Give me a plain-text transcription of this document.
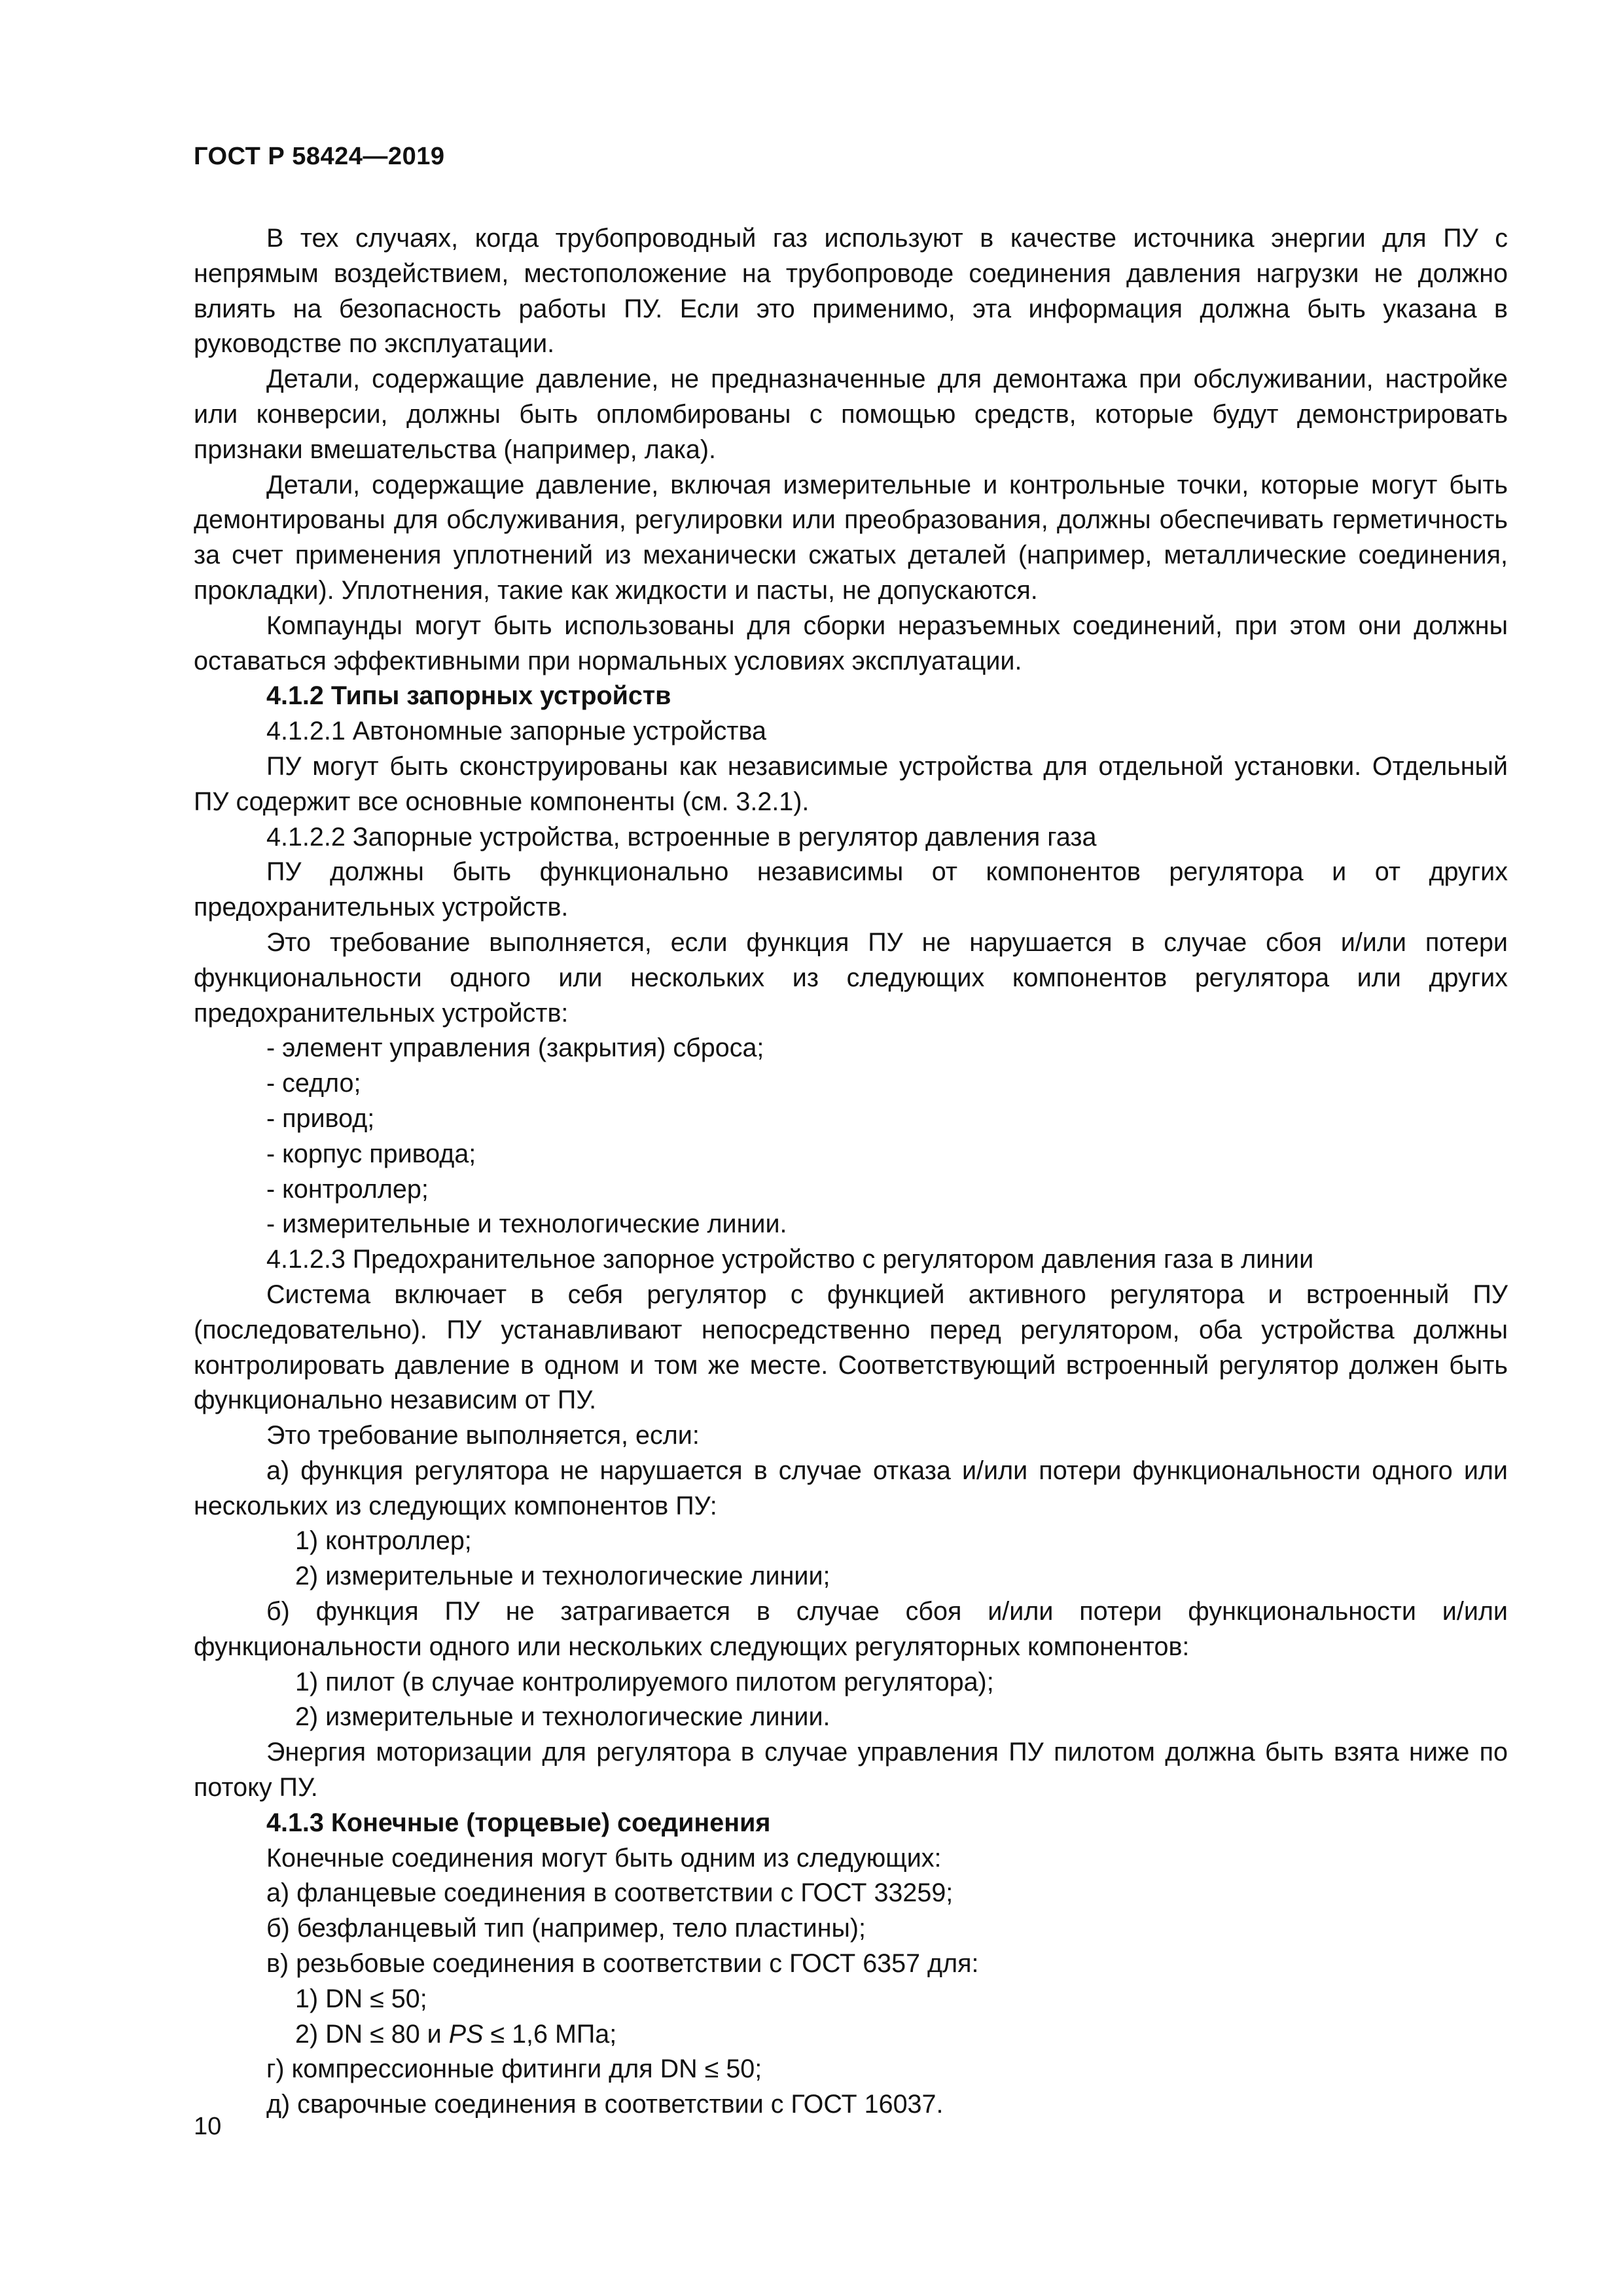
ГОСТ Р 58424—2019

В тех случаях, когда трубопроводный газ используют в качестве источника энергии для ПУ с непрямым воздействием, местоположение на трубопроводе соединения давления нагрузки не должно влиять на безопасность работы ПУ. Если это применимо, эта информация должна быть указана в руководстве по эксплуатации.

Детали, содержащие давление, не предназначенные для демонтажа при обслуживании, настройке или конверсии, должны быть опломбированы с помощью средств, которые будут демонстрировать признаки вмешательства (например, лака).

Детали, содержащие давление, включая измерительные и контрольные точки, которые могут быть демонтированы для обслуживания, регулировки или преобразования, должны обеспечивать герметичность за счет применения уплотнений из механически сжатых деталей (например, металлические соединения, прокладки). Уплотнения, такие как жидкости и пасты, не допускаются.

Компаунды могут быть использованы для сборки неразъемных соединений, при этом они должны оставаться эффективными при нормальных условиях эксплуатации.

4.1.2 Типы запорных устройств

4.1.2.1 Автономные запорные устройства

ПУ могут быть сконструированы как независимые устройства для отдельной установки. Отдельный ПУ содержит все основные компоненты (см. 3.2.1).

4.1.2.2 Запорные устройства, встроенные в регулятор давления газа

ПУ должны быть функционально независимы от компонентов регулятора и от других предохранительных устройств.

Это требование выполняется, если функция ПУ не нарушается в случае сбоя и/или потери функциональности одного или нескольких из следующих компонентов регулятора или других предохранительных устройств:

- элемент управления (закрытия) сброса;

- седло;

- привод;

- корпус привода;

- контроллер;

- измерительные и технологические линии.

4.1.2.3 Предохранительное запорное устройство с регулятором давления газа в линии

Система включает в себя регулятор с функцией активного регулятора и встроенный ПУ (последовательно). ПУ устанавливают непосредственно перед регулятором, оба устройства должны контролировать давление в одном и том же месте. Соответствующий встроенный регулятор должен быть функционально независим от ПУ.

Это требование выполняется, если:

а) функция регулятора не нарушается в случае отказа и/или потери функциональности одного или нескольких из следующих компонентов ПУ:

1) контроллер;

2) измерительные и технологические линии;

б) функция ПУ не затрагивается в случае сбоя и/или потери функциональности и/или функциональности одного или нескольких следующих регуляторных компонентов:

1) пилот (в случае контролируемого пилотом регулятора);

2) измерительные и технологические линии.

Энергия моторизации для регулятора в случае управления ПУ пилотом должна быть взята ниже по потоку ПУ.

4.1.3 Конечные (торцевые) соединения

Конечные соединения могут быть одним из следующих:

а) фланцевые соединения в соответствии с ГОСТ 33259;

б) безфланцевый тип (например, тело пластины);

в) резьбовые соединения в соответствии с ГОСТ 6357 для:

1) DN ≤ 50;

2) DN ≤ 80 и PS ≤ 1,6 МПа;

г) компрессионные фитинги для DN ≤ 50;

д) сварочные соединения в соответствии с ГОСТ 16037.

10
